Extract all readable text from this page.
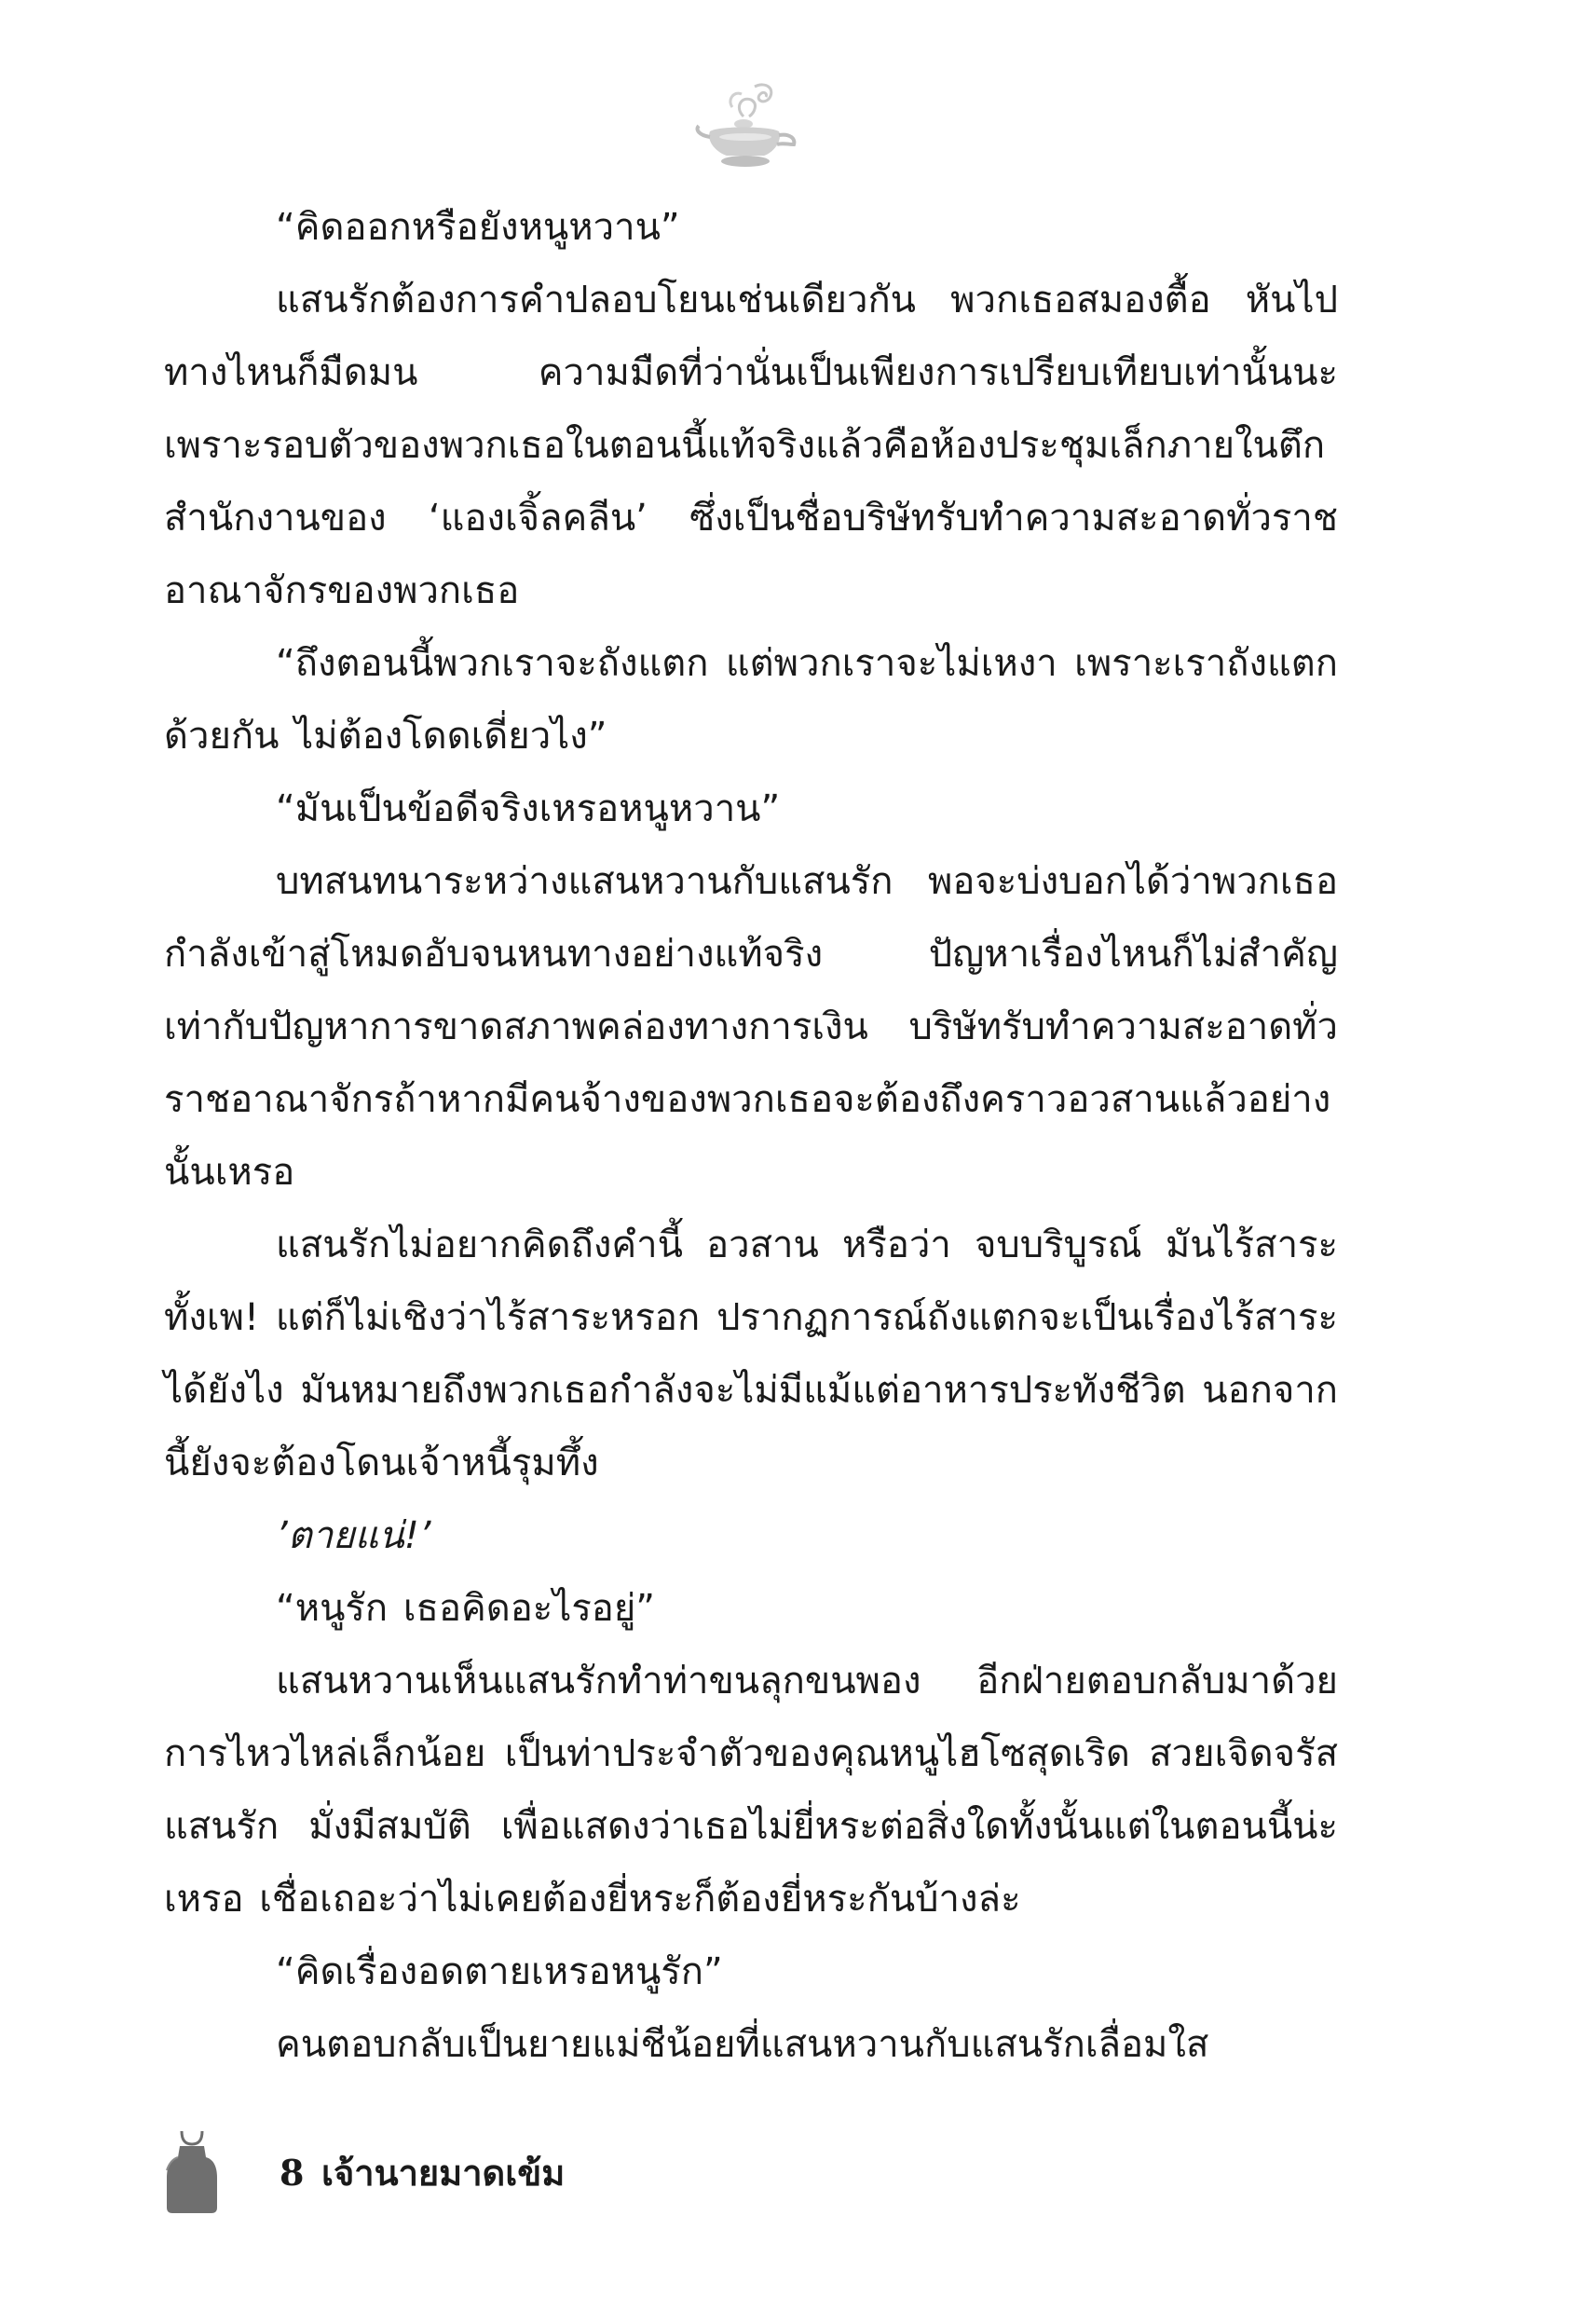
“คิดออกหรือยังหนูหวาน”

แสนรักต้องการคำปลอบโยนเช่นเดียวกัน พวกเธอสมองตื้อ หันไปทางไหนก็มืดมน ความมืดที่ว่านั่นเป็นเพียงการเปรียบเทียบเท่านั้นนะ เพราะรอบตัวของพวกเธอในตอนนี้แท้จริงแล้วคือห้องประชุมเล็กภายในตึกสำนักงานของ ‘แองเจิ้ลคลีน’ ซึ่งเป็นชื่อบริษัทรับทำความสะอาดทั่วราชอาณาจักรของพวกเธอ

“ถึงตอนนี้พวกเราจะถังแตก แต่พวกเราจะไม่เหงา เพราะเราถังแตกด้วยกัน ไม่ต้องโดดเดี่ยวไง”

“มันเป็นข้อดีจริงเหรอหนูหวาน”

บทสนทนาระหว่างแสนหวานกับแสนรัก พอจะบ่งบอกได้ว่าพวกเธอกำลังเข้าสู่โหมดอับจนหนทางอย่างแท้จริง ปัญหาเรื่องไหนก็ไม่สำคัญเท่ากับปัญหาการขาดสภาพคล่องทางการเงิน บริษัทรับทำความสะอาดทั่วราชอาณาจักรถ้าหากมีคนจ้างของพวกเธอจะต้องถึงคราวอวสานแล้วอย่างนั้นเหรอ

แสนรักไม่อยากคิดถึงคำนี้ อวสาน หรือว่า จบบริบูรณ์ มันไร้สาระทั้งเพ! แต่ก็ไม่เชิงว่าไร้สาระหรอก ปรากฏการณ์ถังแตกจะเป็นเรื่องไร้สาระได้ยังไง มันหมายถึงพวกเธอกำลังจะไม่มีแม้แต่อาหารประทังชีวิต นอกจากนี้ยังจะต้องโดนเจ้าหนี้รุมทึ้ง

’ตายแน่!’

“หนูรัก เธอคิดอะไรอยู่”

แสนหวานเห็นแสนรักทำท่าขนลุกขนพอง อีกฝ่ายตอบกลับมาด้วยการไหวไหล่เล็กน้อย เป็นท่าประจำตัวของคุณหนูไฮโซสุดเริด สวยเจิดจรัส แสนรัก มั่งมีสมบัติ เพื่อแสดงว่าเธอไม่ยี่หระต่อสิ่งใดทั้งนั้นแต่ในตอนนี้น่ะเหรอ เชื่อเถอะว่าไม่เคยต้องยี่หระก็ต้องยี่หระกันบ้างล่ะ

“คิดเรื่องอดตายเหรอหนูรัก”

คนตอบกลับเป็นยายแม่ชีน้อยที่แสนหวานกับแสนรักเลื่อมใส

8 เจ้านายมาดเข้ม
